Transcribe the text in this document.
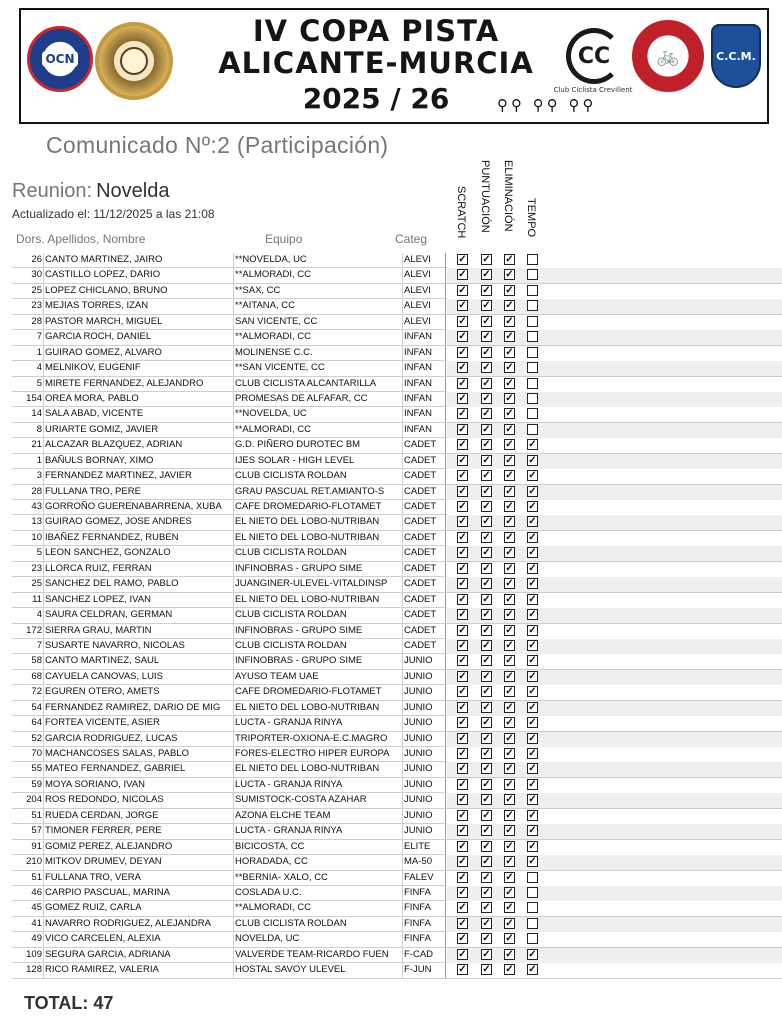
OCN
IV COPA PISTA
ALICANTE-MURCIA
2025 / 26	⚲⚲ ⚲⚲ ⚲⚲
CC
Club Ciclista Crevillent
🚲	C.C.M.
Comunicado Nº:2 (Participación)
Reunion: Novelda
Actualizado el: 11/12/2025 a las 21:08
Dors. Apellidos, Nombre	Equipo	Categ
SCRATCH PUNTUACIÓN ELIMINACIÓN TEMPO
26 CANTO MARTINEZ, JAIRO	**NOVELDA, UC	ALEVI	✓ ✓ ✓
30 CASTILLO LOPEZ, DARIO	**ALMORADI, CC	ALEVI	✓ ✓ ✓
25 LOPEZ CHICLANO, BRUNO	**SAX, CC	ALEVI	✓ ✓ ✓
23 MEJIAS TORRES, IZAN	**AITANA, CC	ALEVI	✓ ✓ ✓
28 PASTOR MARCH, MIGUEL	SAN VICENTE, CC	ALEVI	✓ ✓ ✓
7 GARCIA ROCH, DANIEL	**ALMORADI, CC	INFAN	✓ ✓ ✓
1 GUIRAO GOMEZ, ALVARO	MOLINENSE C.C.	INFAN	✓ ✓ ✓
4 MELNIKOV, EUGENIF	**SAN VICENTE, CC	INFAN	✓ ✓ ✓
5 MIRETE FERNANDEZ, ALEJANDRO	CLUB CICLISTA ALCANTARILLA	INFAN	✓ ✓ ✓
154 OREA MORA, PABLO	PROMESAS DE ALFAFAR, CC	INFAN	✓ ✓ ✓
14 SALA ABAD, VICENTE	**NOVELDA, UC	INFAN	✓ ✓ ✓
8 URIARTE GOMIZ, JAVIER	**ALMORADI, CC	INFAN	✓ ✓ ✓
21 ALCAZAR BLAZQUEZ, ADRIAN	G.D. PIÑERO DUROTEC BM	CADET	✓ ✓ ✓ ✓
1 BAÑULS BORNAY, XIMO	IJES SOLAR - HIGH LEVEL	CADET	✓ ✓ ✓ ✓
3 FERNANDEZ MARTINEZ, JAVIER	CLUB CICLISTA ROLDAN	CADET	✓ ✓ ✓ ✓
28 FULLANA TRO, PERE	GRAU PASCUAL RET.AMIANTO-S	CADET	✓ ✓ ✓ ✓
43 GORROÑO GUERENABARRENA, XUBA	CAFE DROMEDARIO-FLOTAMET	CADET	✓ ✓ ✓ ✓
13 GUIRAO GOMEZ, JOSE ANDRES	EL NIETO DEL LOBO-NUTRIBAN	CADET	✓ ✓ ✓ ✓
10 IBAÑEZ FERNANDEZ, RUBEN	EL NIETO DEL LOBO-NUTRIBAN	CADET	✓ ✓ ✓ ✓
5 LEON SANCHEZ, GONZALO	CLUB CICLISTA ROLDAN	CADET	✓ ✓ ✓ ✓
23 LLORCA RUIZ, FERRAN	INFINOBRAS - GRUPO SIME	CADET	✓ ✓ ✓ ✓
25 SANCHEZ DEL RAMO, PABLO	JUANGINER-ULEVEL-VITALDINSP	CADET	✓ ✓ ✓ ✓
11 SANCHEZ LOPEZ, IVAN	EL NIETO DEL LOBO-NUTRIBAN	CADET	✓ ✓ ✓ ✓
4 SAURA CELDRAN, GERMAN	CLUB CICLISTA ROLDAN	CADET	✓ ✓ ✓ ✓
172 SIERRA GRAU, MARTIN	INFINOBRAS - GRUPO SIME	CADET	✓ ✓ ✓ ✓
7 SUSARTE NAVARRO, NICOLAS	CLUB CICLISTA ROLDAN	CADET	✓ ✓ ✓ ✓
58 CANTO MARTINEZ, SAUL	INFINOBRAS - GRUPO SIME	JUNIO	✓ ✓ ✓ ✓
68 CAYUELA CANOVAS, LUIS	AYUSO TEAM UAE	JUNIO	✓ ✓ ✓ ✓
72 EGUREN OTERO, AMETS	CAFE DROMEDARIO-FLOTAMET	JUNIO	✓ ✓ ✓ ✓
54 FERNANDEZ RAMIREZ, DARIO DE MIG	EL NIETO DEL LOBO-NUTRIBAN	JUNIO	✓ ✓ ✓ ✓
64 FORTEA VICENTE, ASIER	LUCTA - GRANJA RINYA	JUNIO	✓ ✓ ✓ ✓
52 GARCIA RODRIGUEZ, LUCAS	TRIPORTER-OXIONA-E.C.MAGRO	JUNIO	✓ ✓ ✓ ✓
70 MACHANCOSES SALAS, PABLO	FORES-ELECTRO HIPER EUROPA	JUNIO	✓ ✓ ✓ ✓
55 MATEO FERNANDEZ, GABRIEL	EL NIETO DEL LOBO-NUTRIBAN	JUNIO	✓ ✓ ✓ ✓
59 MOYA SORIANO, IVAN	LUCTA - GRANJA RINYA	JUNIO	✓ ✓ ✓ ✓
204 ROS REDONDO, NICOLAS	SUMISTOCK-COSTA AZAHAR	JUNIO	✓ ✓ ✓ ✓
51 RUEDA CERDAN, JORGE	AZONA ELCHE TEAM	JUNIO	✓ ✓ ✓ ✓
57 TIMONER FERRER, PERE	LUCTA - GRANJA RINYA	JUNIO	✓ ✓ ✓ ✓
91 GOMIZ PEREZ, ALEJANDRO	BICICOSTA, CC	ELITE	✓ ✓ ✓ ✓
210 MITKOV DRUMEV, DEYAN	HORADADA, CC	MA-50	✓ ✓ ✓ ✓
51 FULLANA TRO, VERA	**BERNIA- XALO, CC	FALEV	✓ ✓ ✓
46 CARPIO PASCUAL, MARINA	COSLADA U.C.	FINFA	✓ ✓ ✓
45 GOMEZ RUIZ, CARLA	**ALMORADI, CC	FINFA	✓ ✓ ✓
41 NAVARRO RODRIGUEZ, ALEJANDRA	CLUB CICLISTA ROLDAN	FINFA	✓ ✓ ✓
49 VICO CARCELEN, ALEXIA	NOVELDA, UC	FINFA	✓ ✓ ✓
109 SEGURA GARCIA, ADRIANA	VALVERDE TEAM-RICARDO FUEN	F-CAD	✓ ✓ ✓ ✓
128 RICO RAMIREZ, VALERIA	HOSTAL SAVOY ULEVEL	F-JUN	✓ ✓ ✓ ✓
TOTAL: 47
